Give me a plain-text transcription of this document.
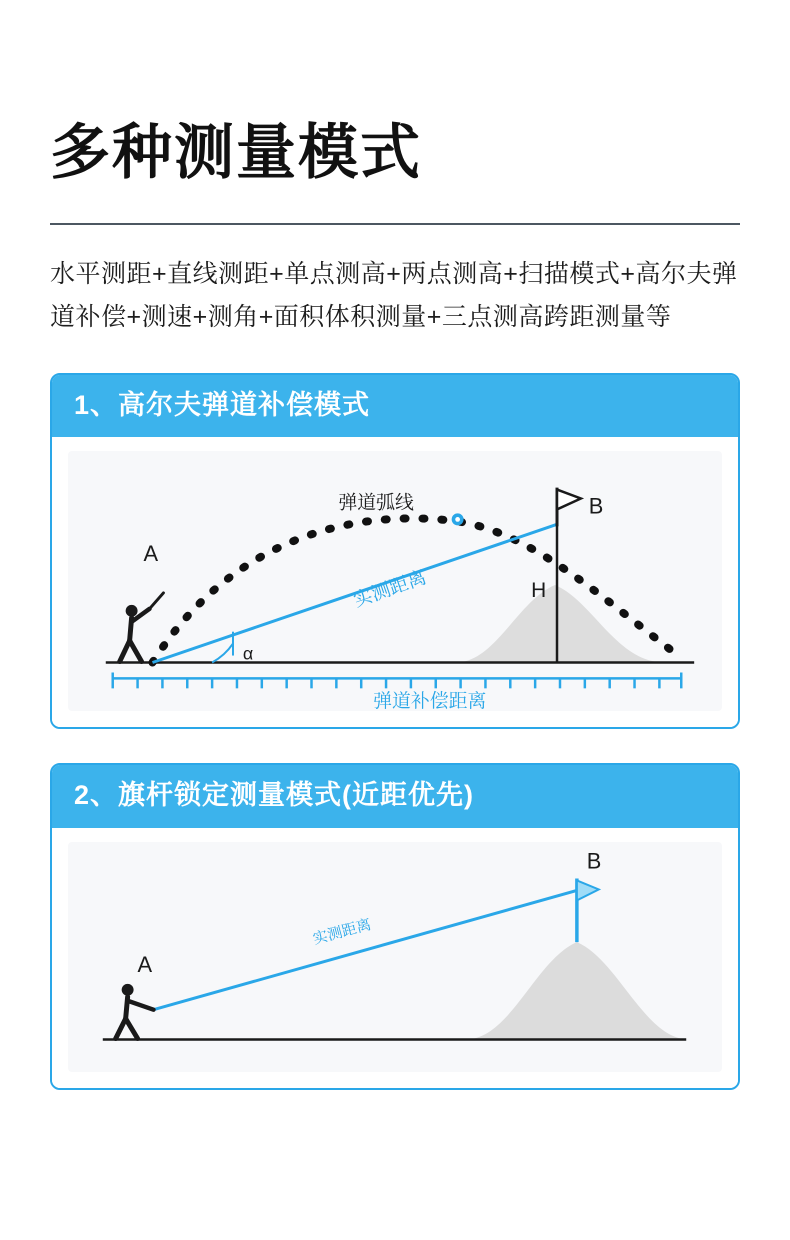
多种测量模式

水平测距+直线测距+单点测高+两点测高+扫描模式+高尔夫弹道补偿+测速+测角+面积体积测量+三点测高跨距测量等

1、高尔夫弹道补偿模式
A
B
弹道弧线
实测距离
弹道补偿距离
H
α
2、旗杆锁定测量模式(近距优先)
A
B
实测距离
